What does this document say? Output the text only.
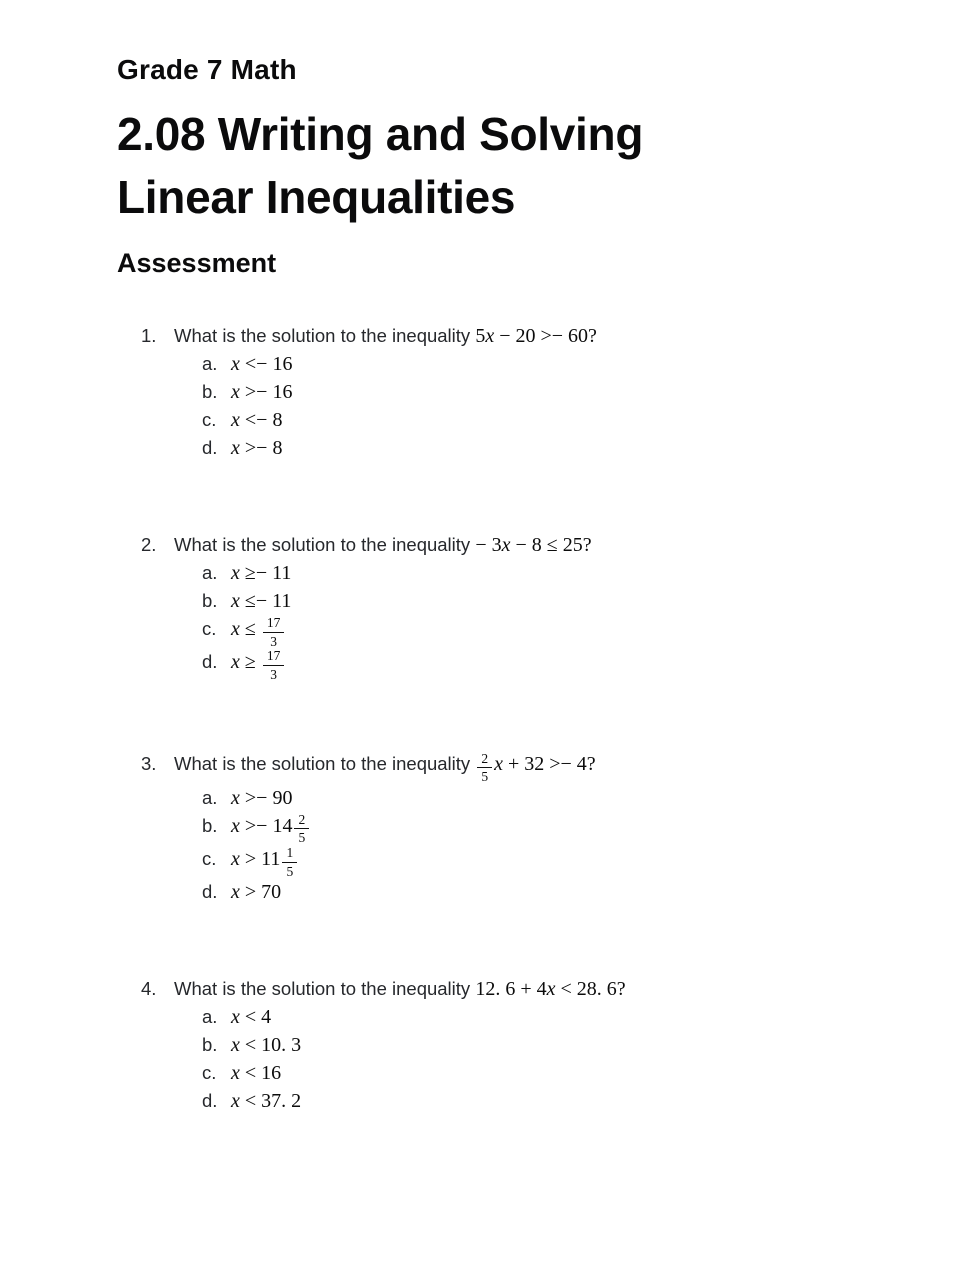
Grade 7 Math
2.08 Writing and Solving
Linear Inequalities
Assessment
1. What is the solution to the inequality 5x − 20 >− 60?
a. x <− 16
b. x >− 16
c. x <− 8
d. x >− 8
2. What is the solution to the inequality − 3x − 8 ≤ 25?
a. x ≥− 11
b. x ≤− 11
c. $x \le \frac{17}{3}$
d. $x \ge \frac{17}{3}$
3. What is the solution to the inequality $\frac{2}{5}$ x + 32 >− 4?
a. x >− 90
b. $x >- 14 \frac{2}{5}$
c. $x > 11 \frac{1}{5}$
d. x > 70
4. What is the solution to the inequality 12. 6 + 4x < 28. 6?
a. x < 4
b. x < 10. 3
c. x < 16
d. x < 37. 2
